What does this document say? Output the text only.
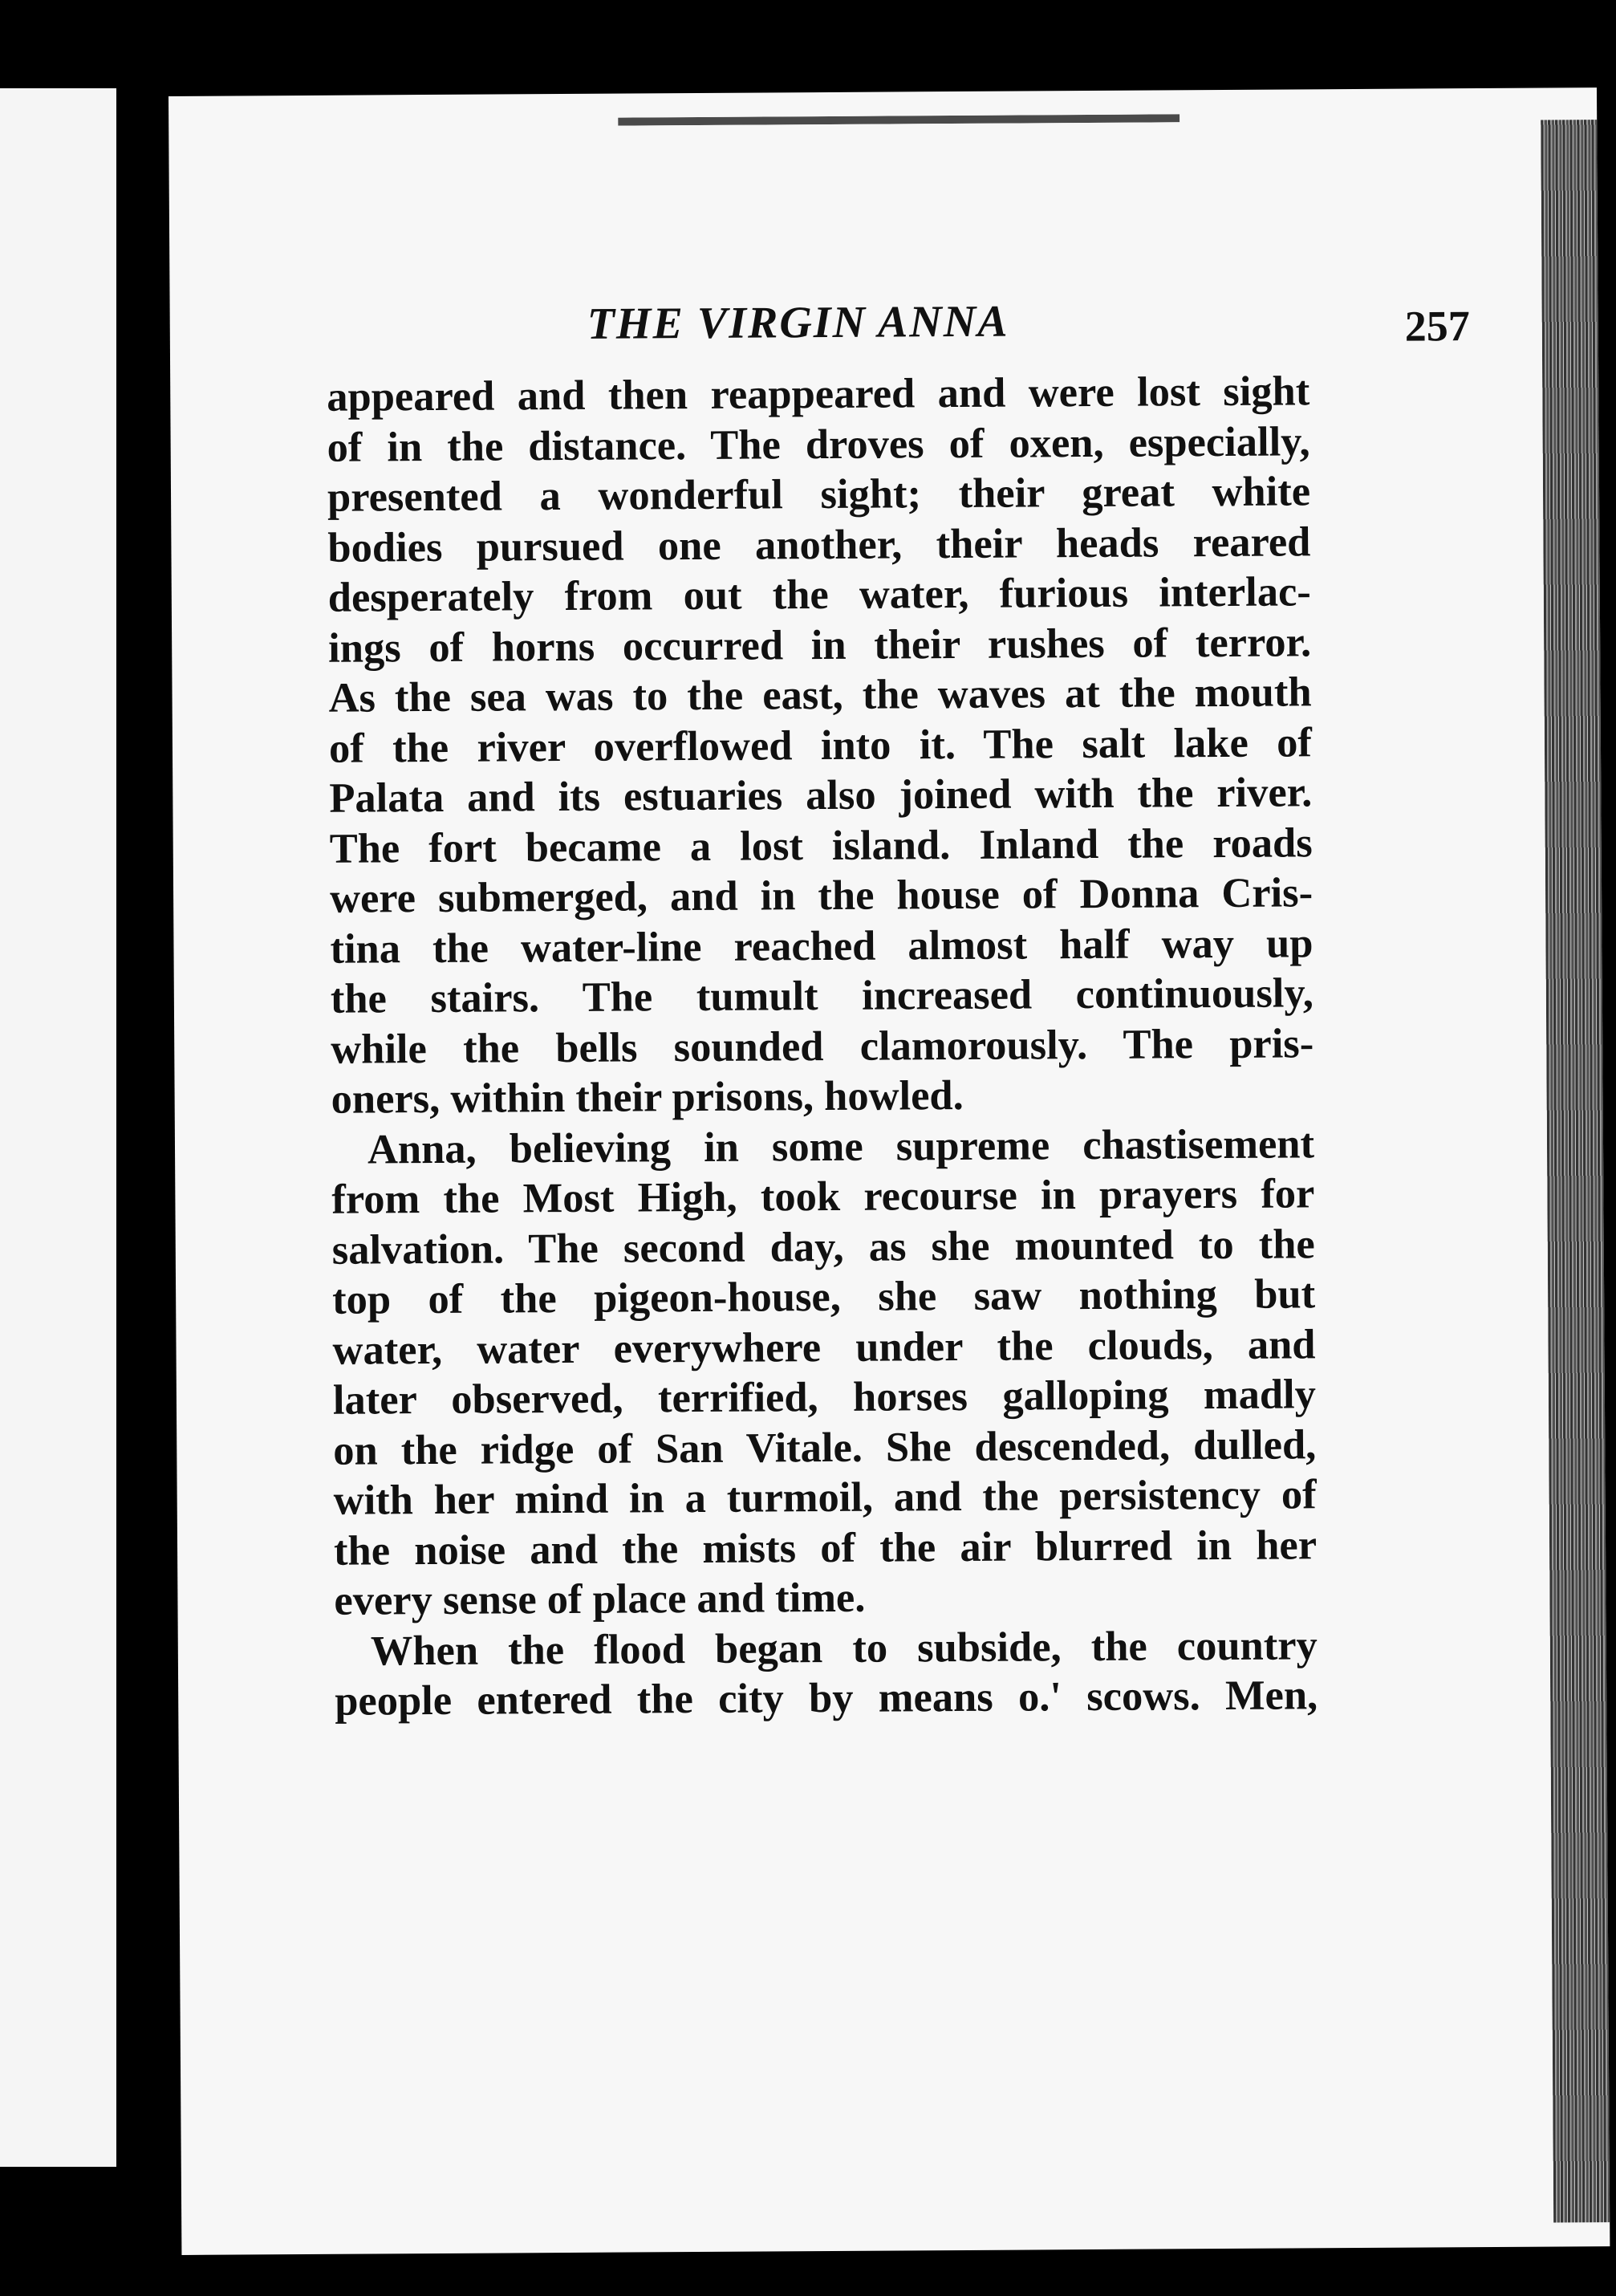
THE VIRGIN ANNA	257
appeared and then reappeared and were lost sight
of in the distance. The droves of oxen, especially,
presented a wonderful sight; their great white
bodies pursued one another, their heads reared
desperately from out the water, furious interlac-
ings of horns occurred in their rushes of terror.
As the sea was to the east, the waves at the mouth
of the river overflowed into it. The salt lake of
Palata and its estuaries also joined with the river.
The fort became a lost island. Inland the roads
were submerged, and in the house of Donna Cris-
tina the water-line reached almost half way up
the stairs. The tumult increased continuously,
while the bells sounded clamorously. The pris-
oners, within their prisons, howled.
Anna, believing in some supreme chastisement
from the Most High, took recourse in prayers for
salvation. The second day, as she mounted to the
top of the pigeon-house, she saw nothing but
water, water everywhere under the clouds, and
later observed, terrified, horses galloping madly
on the ridge of San Vitale. She descended, dulled,
with her mind in a turmoil, and the persistency of
the noise and the mists of the air blurred in her
every sense of place and time.
When the flood began to subside, the country
people entered the city by means o.' scows. Men,
